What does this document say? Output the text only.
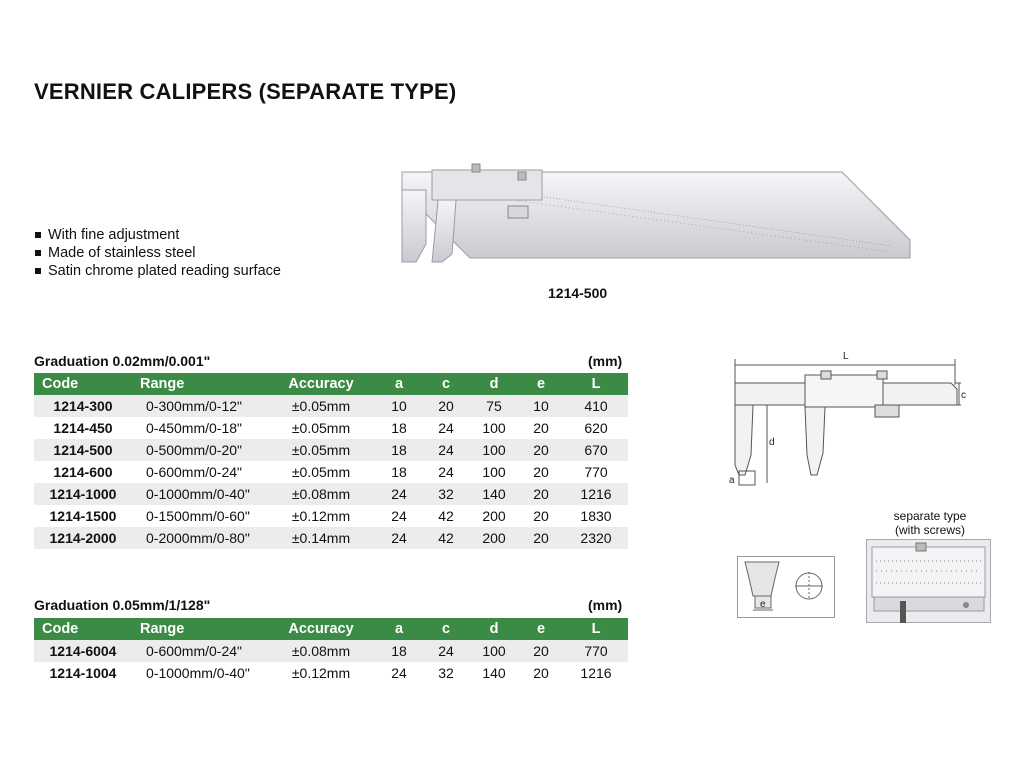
VERNIER CALIPERS (SEPARATE TYPE)
With fine adjustment
Made of stainless steel
Satin chrome plated reading surface
1214-500
Graduation 0.02mm/0.001"	(mm)
Code	Range	Accuracy	a	c	d	e	L
1214-300	0-300mm/0-12"	±0.05mm	10	20	75	10	410
1214-450	0-450mm/0-18"	±0.05mm	18	24	100	20	620
1214-500	0-500mm/0-20"	±0.05mm	18	24	100	20	670
1214-600	0-600mm/0-24"	±0.05mm	18	24	100	20	770
1214-1000	0-1000mm/0-40"	±0.08mm	24	32	140	20	1216
1214-1500	0-1500mm/0-60"	±0.12mm	24	42	200	20	1830
1214-2000	0-2000mm/0-80"	±0.14mm	24	42	200	20	2320
Graduation 0.05mm/1/128"	(mm)
Code	Range	Accuracy	a	c	d	e	L
1214-6004	0-600mm/0-24"	±0.08mm	18	24	100	20	770
1214-1004	0-1000mm/0-40"	±0.12mm	24	32	140	20	1216
L
c
d
a
separate type
(with screws)
e
